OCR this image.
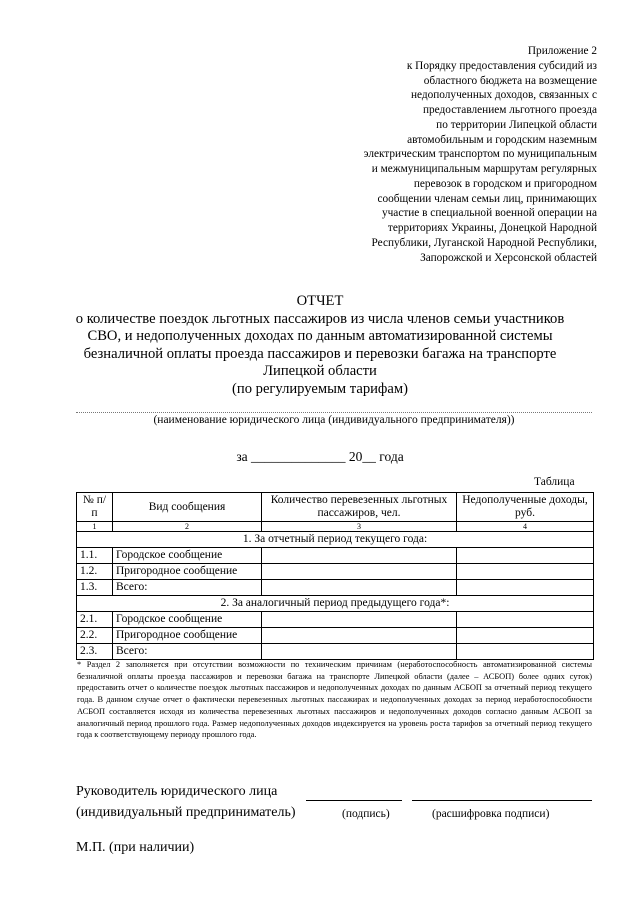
Приложение 2
к Порядку предоставления субсидий из
областного бюджета на возмещение
недополученных доходов, связанных с
предоставлением льготного проезда
по территории Липецкой области
автомобильным и городским наземным
электрическим транспортом по муниципальным
и межмуниципальным маршрутам регулярных
перевозок в городском и пригородном
сообщении членам семьи лиц, принимающих
участие в специальной военной операции на
территориях Украины, Донецкой Народной
Республики, Луганской Народной Республики,
Запорожской и Херсонской областей
ОТЧЕТ
о количестве поездок льготных пассажиров из числа членов семьи участников
СВО, и недополученных доходах по данным автоматизированной системы
безналичной оплаты проезда пассажиров и перевозки багажа на транспорте
Липецкой области
(по регулируемым тарифам)
(наименование юридического лица (индивидуального предпринимателя))
за ______________ 20__ года
Таблица
№ п/п	Вид сообщения	Количество перевезенных льготных пассажиров, чел.	Недополученные доходы, руб.
1	2	3	4
1. За отчетный период текущего года:			
1.1.	Городское сообщение		
1.2.	Пригородное сообщение		
1.3.	Всего:		
2. За аналогичный период предыдущего года*:			
2.1.	Городское сообщение		
2.2.	Пригородное сообщение		
2.3.	Всего:		
* Раздел 2 заполняется при отсутствии возможности по техническим причинам (неработоспособность автоматизированной системы безналичной оплаты проезда пассажиров и перевозки багажа на транспорте Липецкой области (далее – АСБОП) более одних суток) предоставить отчет о количестве поездок льготных пассажиров и недополученных доходах по данным АСБОП за отчетный период текущего года. В данном случае отчет о фактически перевезенных льготных пассажирах и недополученных доходах за период неработоспособности АСБОП составляется исходя из количества перевезенных льготных пассажиров и недополученных доходов согласно данным АСБОП за аналогичный период прошлого года. Размер недополученных доходов индексируется на уровень роста тарифов за отчетный период текущего года к соответствующему периоду прошлого года.
Руководитель юридического лица
(индивидуальный предприниматель)	(подпись)	(расшифровка подписи)
М.П. (при наличии)
